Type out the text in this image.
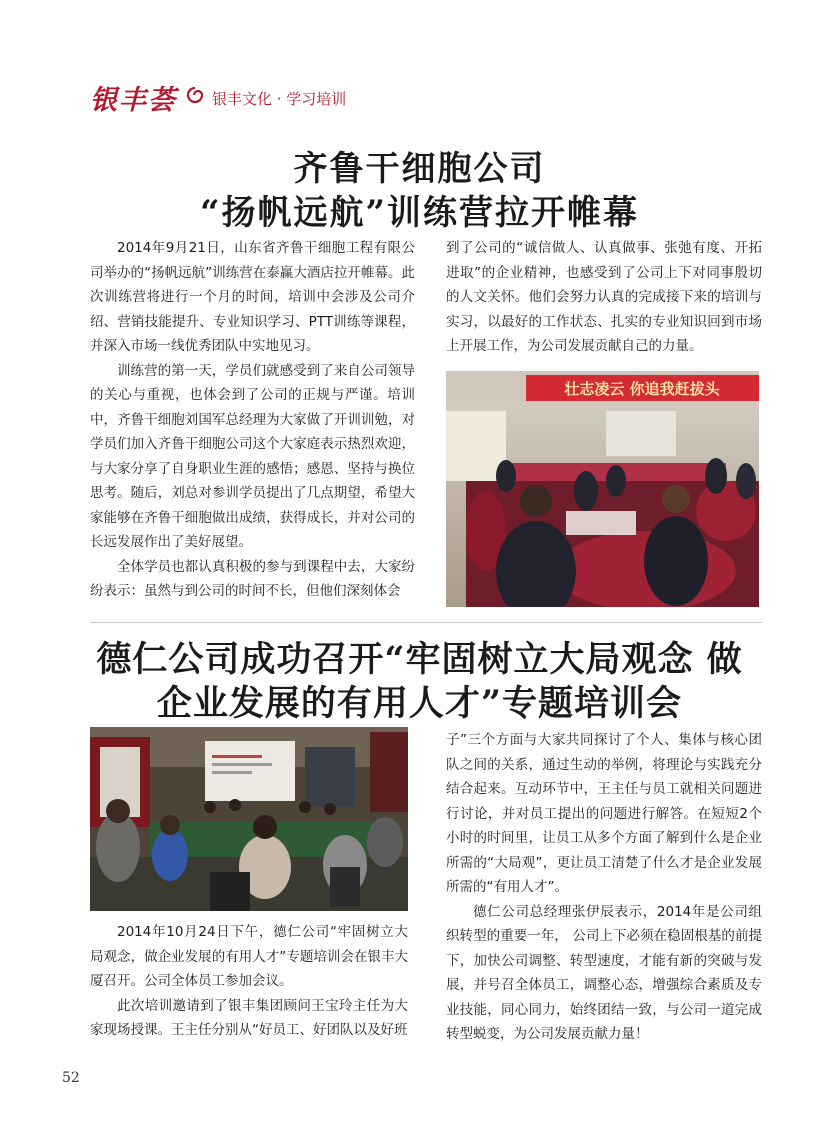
银丰荟 银丰文化 · 学习培训
齐鲁干细胞公司
“扬帆远航”训练营拉开帷幕

2014年9月21日，山东省齐鲁干细胞工程有限公司举办的“扬帆远航”训练营在泰赢大酒店拉开帷幕。此次训练营将进行一个月的时间，培训中会涉及公司介绍、营销技能提升、专业知识学习、PTT训练等课程，并深入市场一线优秀团队中实地见习。

训练营的第一天，学员们就感受到了来自公司领导的关心与重视，也体会到了公司的正规与严谨。培训中，齐鲁干细胞刘国军总经理为大家做了开训训勉，对学员们加入齐鲁干细胞公司这个大家庭表示热烈欢迎，与大家分享了自身职业生涯的感悟；感恩、坚持与换位思考。随后，刘总对参训学员提出了几点期望，希望大家能够在齐鲁干细胞做出成绩，获得成长，并对公司的长远发展作出了美好展望。

全体学员也都认真积极的参与到课程中去，大家纷纷表示：虽然与到公司的时间不长，但他们深刻体会

到了公司的“诚信做人、认真做事、张弛有度、开拓进取”的企业精神，也感受到了公司上下对同事殷切的人文关怀。他们会努力认真的完成接下来的培训与实习，以最好的工作状态、扎实的专业知识回到市场上开展工作，为公司发展贡献自己的力量。

壮志凌云 你追我赶拔头
德仁公司成功召开“牢固树立大局观念 做
企业发展的有用人才”专题培训会

2014年10月24日下午，德仁公司“牢固树立大局观念，做企业发展的有用人才”专题培训会在银丰大厦召开。公司全体员工参加会议。

此次培训邀请到了银丰集团顾问王宝玲主任为大家现场授课。王主任分别从“好员工、好团队以及好班

子”三个方面与大家共同探讨了个人、集体与核心团队之间的关系，通过生动的举例，将理论与实践充分结合起来。互动环节中，王主任与员工就相关问题进行讨论，并对员工提出的问题进行解答。在短短2个小时的时间里，让员工从多个方面了解到什么是企业所需的“大局观”，更让员工清楚了什么才是企业发展所需的“有用人才”。

德仁公司总经理张伊辰表示，2014年是公司组织转型的重要一年， 公司上下必须在稳固根基的前提下，加快公司调整、转型速度，才能有新的突破与发展，并号召全体员工，调整心态，增强综合素质及专业技能，同心同力，始终团结一致，与公司一道完成转型蜕变，为公司发展贡献力量！

52
